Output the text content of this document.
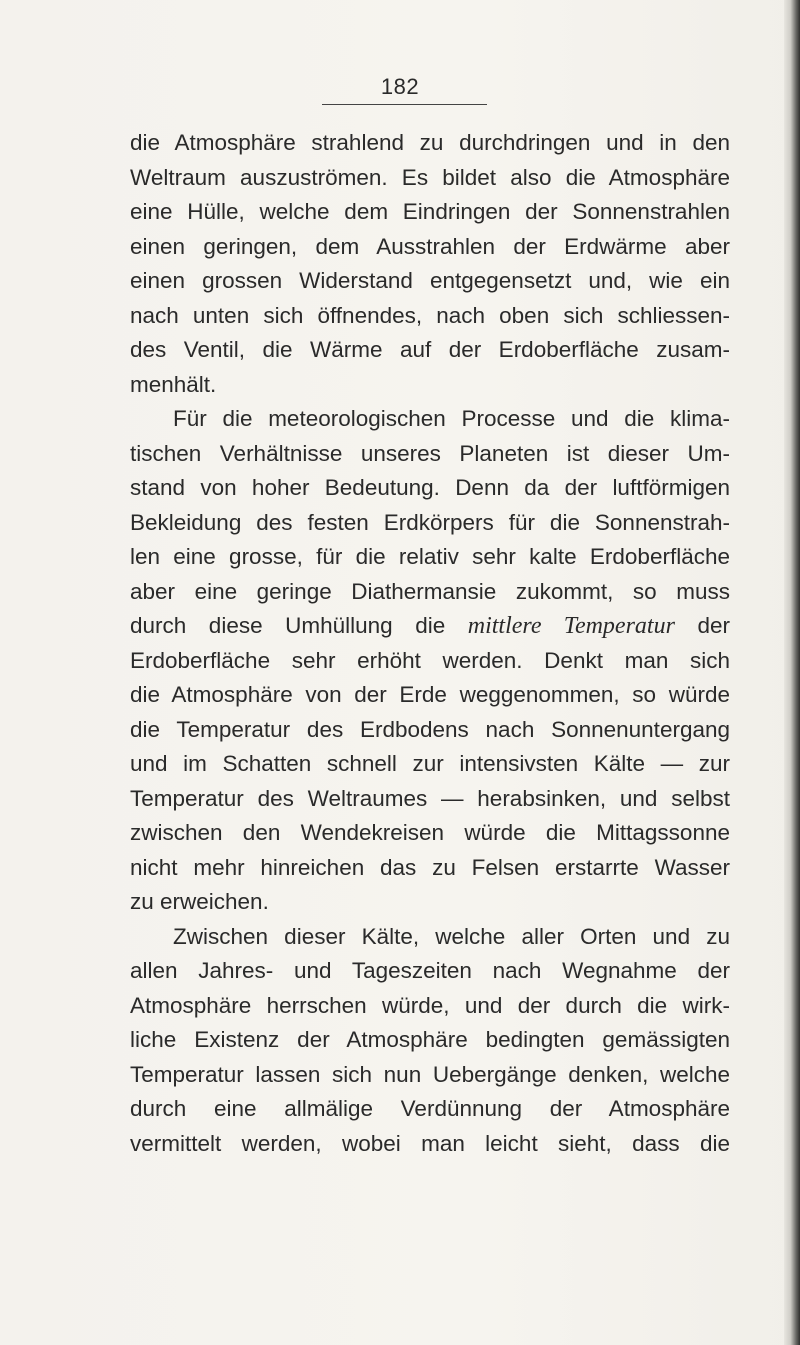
182
die Atmosphäre strahlend zu durchdringen und in den
Weltraum auszuströmen. Es bildet also die Atmosphäre
eine Hülle, welche dem Eindringen der Sonnenstrahlen
einen geringen, dem Ausstrahlen der Erdwärme aber
einen grossen Widerstand entgegensetzt und, wie ein
nach unten sich öffnendes, nach oben sich schliessen-
des Ventil, die Wärme auf der Erdoberfläche zusam-
menhält.
Für die meteorologischen Processe und die klima-
tischen Verhältnisse unseres Planeten ist dieser Um-
stand von hoher Bedeutung. Denn da der luftförmigen
Bekleidung des festen Erdkörpers für die Sonnenstrah-
len eine grosse, für die relativ sehr kalte Erdoberfläche
aber eine geringe Diathermansie zukommt, so muss
durch diese Umhüllung die mittlere Temperatur der
Erdoberfläche sehr erhöht werden. Denkt man sich
die Atmosphäre von der Erde weggenommen, so würde
die Temperatur des Erdbodens nach Sonnenuntergang
und im Schatten schnell zur intensivsten Kälte — zur
Temperatur des Weltraumes — herabsinken, und selbst
zwischen den Wendekreisen würde die Mittagssonne
nicht mehr hinreichen das zu Felsen erstarrte Wasser
zu erweichen.
Zwischen dieser Kälte, welche aller Orten und zu
allen Jahres- und Tageszeiten nach Wegnahme der
Atmosphäre herrschen würde, und der durch die wirk-
liche Existenz der Atmosphäre bedingten gemässigten
Temperatur lassen sich nun Uebergänge denken, welche
durch eine allmälige Verdünnung der Atmosphäre
vermittelt werden, wobei man leicht sieht, dass die
